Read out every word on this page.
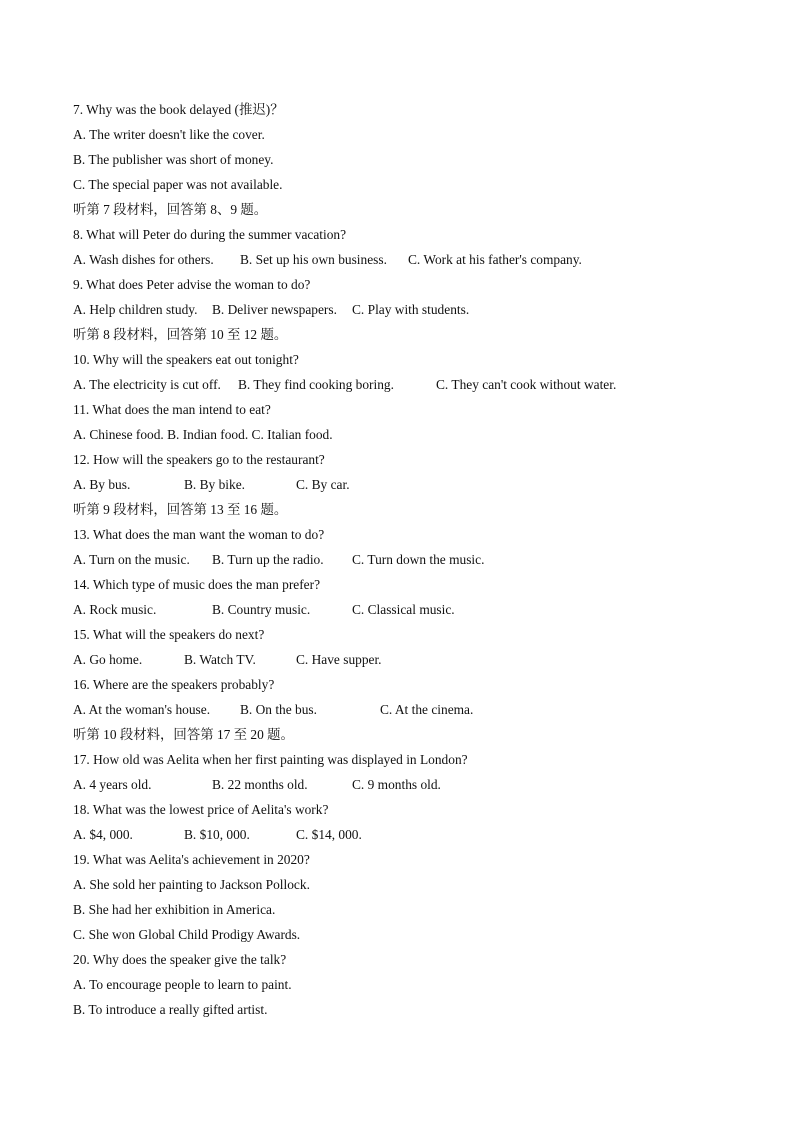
7. Why was the book delayed (推迟)？
A. The writer doesn't like the cover.
B. The publisher was short of money.
C. The special paper was not available.
听第 7 段材料，回答第 8、9 题。
8. What will Peter do during the summer vacation?
A. Wash dishes for others. B. Set up his own business. C. Work at his father's company.
9. What does Peter advise the woman to do?
A. Help children study. B. Deliver newspapers. C. Play with students.
听第 8 段材料，回答第 10 至 12 题。
10. Why will the speakers eat out tonight?
A. The electricity is cut off. B. They find cooking boring.	C. They can't cook without water.
11. What does the man intend to eat?
A. Chinese food. B. Indian food. C. Italian food.
12. How will the speakers go to the restaurant?
A. By bus.	B. By bike.	C. By car.
听第 9 段材料，回答第 13 至 16 题。
13. What does the man want the woman to do?
A. Turn on the music. B. Turn up the radio. C. Turn down the music.
14. Which type of music does the man prefer?
A. Rock music.	B. Country music.	C. Classical music.
15. What will the speakers do next?
A. Go home.	B. Watch TV.	C. Have supper.
16. Where are the speakers probably?
A. At the woman's house. B. On the bus.	C. At the cinema.
听第 10 段材料，回答第 17 至 20 题。
17. How old was Aelita when her first painting was displayed in London?
A. 4 years old.	B. 22 months old.	C. 9 months old.
18. What was the lowest price of Aelita's work?
A. $4, 000.	B. $10, 000.	C. $14, 000.
19. What was Aelita's achievement in 2020?
A. She sold her painting to Jackson Pollock.
B. She had her exhibition in America.
C. She won Global Child Prodigy Awards.
20. Why does the speaker give the talk?
A. To encourage people to learn to paint.
B. To introduce a really gifted artist.
